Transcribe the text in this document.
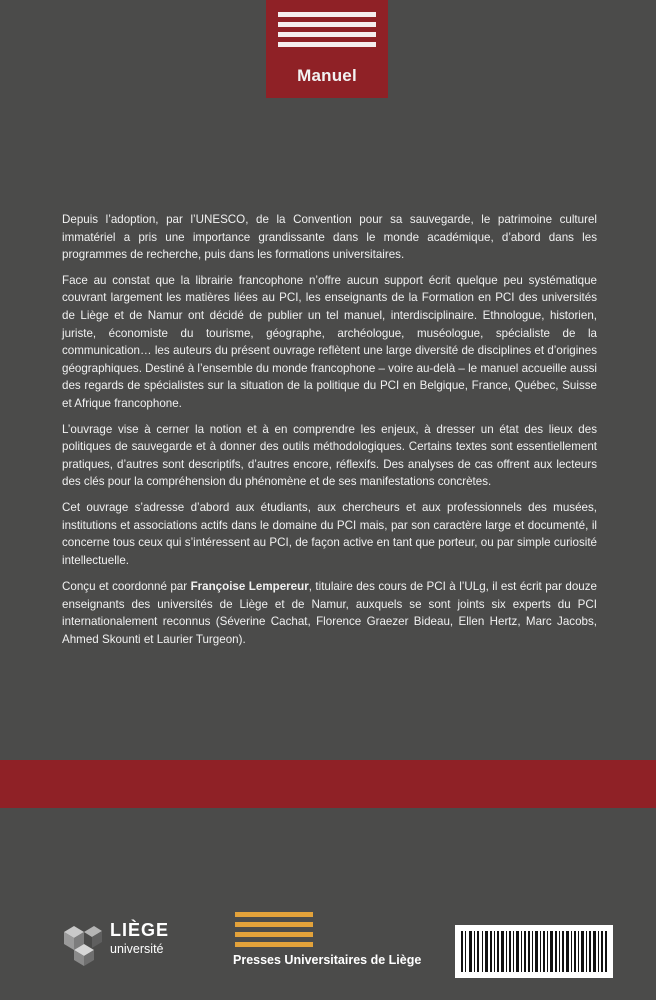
Manuel

Depuis l’adoption, par l’UNESCO, de la Convention pour sa sauvegarde, le patrimoine culturel immatériel a pris une importance grandissante dans le monde académique, d’abord dans les programmes de recherche, puis dans les formations universitaires.

Face au constat que la librairie francophone n’offre aucun support écrit quelque peu systématique couvrant largement les matières liées au PCI, les enseignants de la Formation en PCI des universités de Liège et de Namur ont décidé de publier un tel manuel, interdisciplinaire. Ethnologue, historien, juriste, économiste du tourisme, géographe, archéologue, muséologue, spécialiste de la communication… les auteurs du présent ouvrage reflètent une large diversité de disciplines et d’origines géographiques. Destiné à l’ensemble du monde francophone – voire au-delà – le manuel accueille aussi des regards de spécialistes sur la situation de la politique du PCI en Belgique, France, Québec, Suisse et Afrique francophone.

L’ouvrage vise à cerner la notion et à en comprendre les enjeux, à dresser un état des lieux des politiques de sauvegarde et à donner des outils méthodologiques. Certains textes sont essentiellement pratiques, d’autres sont descriptifs, d’autres encore, réflexifs. Des analyses de cas offrent aux lecteurs des clés pour la compréhension du phénomène et de ses manifestations concrètes.

Cet ouvrage s’adresse d’abord aux étudiants, aux chercheurs et aux professionnels des musées, institutions et associations actifs dans le domaine du PCI mais, par son caractère large et documenté, il concerne tous ceux qui s’intéressent au PCI, de façon active en tant que porteur, ou par simple curiosité intellectuelle.

Conçu et coordonné par Françoise Lempereur, titulaire des cours de PCI à l’ULg, il est écrit par douze enseignants des universités de Liège et de Namur, auxquels se sont joints six experts du PCI internationalement reconnus (Séverine Cachat, Florence Graezer Bideau, Ellen Hertz, Marc Jacobs, Ahmed Skounti et Laurier Turgeon).
LIÈGE
université
Presses Universitaires de Liège
